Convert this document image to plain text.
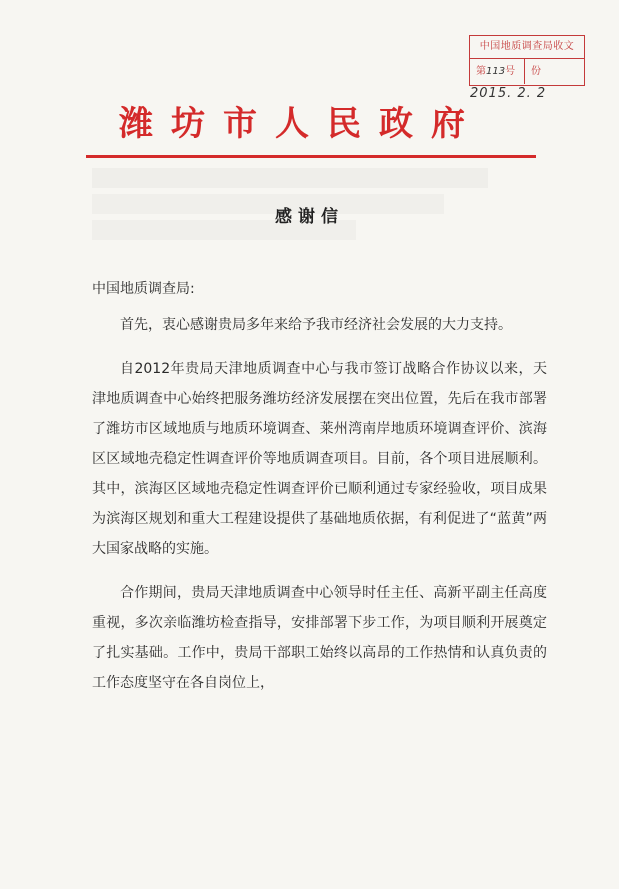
中国地质调查局收文
第113号	份
2015. 2. 2
潍坊市人民政府
感谢信

中国地质调查局:

首先，衷心感谢贵局多年来给予我市经济社会发展的大力支持。

自2012年贵局天津地质调查中心与我市签订战略合作协议以来，天津地质调查中心始终把服务潍坊经济发展摆在突出位置，先后在我市部署了潍坊市区域地质与地质环境调查、莱州湾南岸地质环境调查评价、滨海区区域地壳稳定性调查评价等地质调查项目。目前，各个项目进展顺利。其中，滨海区区域地壳稳定性调查评价已顺利通过专家经验收，项目成果为滨海区规划和重大工程建设提供了基础地质依据，有利促进了“蓝黄”两大国家战略的实施。

合作期间，贵局天津地质调查中心领导时任主任、高新平副主任高度重视，多次亲临潍坊检查指导，安排部署下步工作，为项目顺利开展奠定了扎实基础。工作中，贵局干部职工始终以高昂的工作热情和认真负责的工作态度坚守在各自岗位上，
